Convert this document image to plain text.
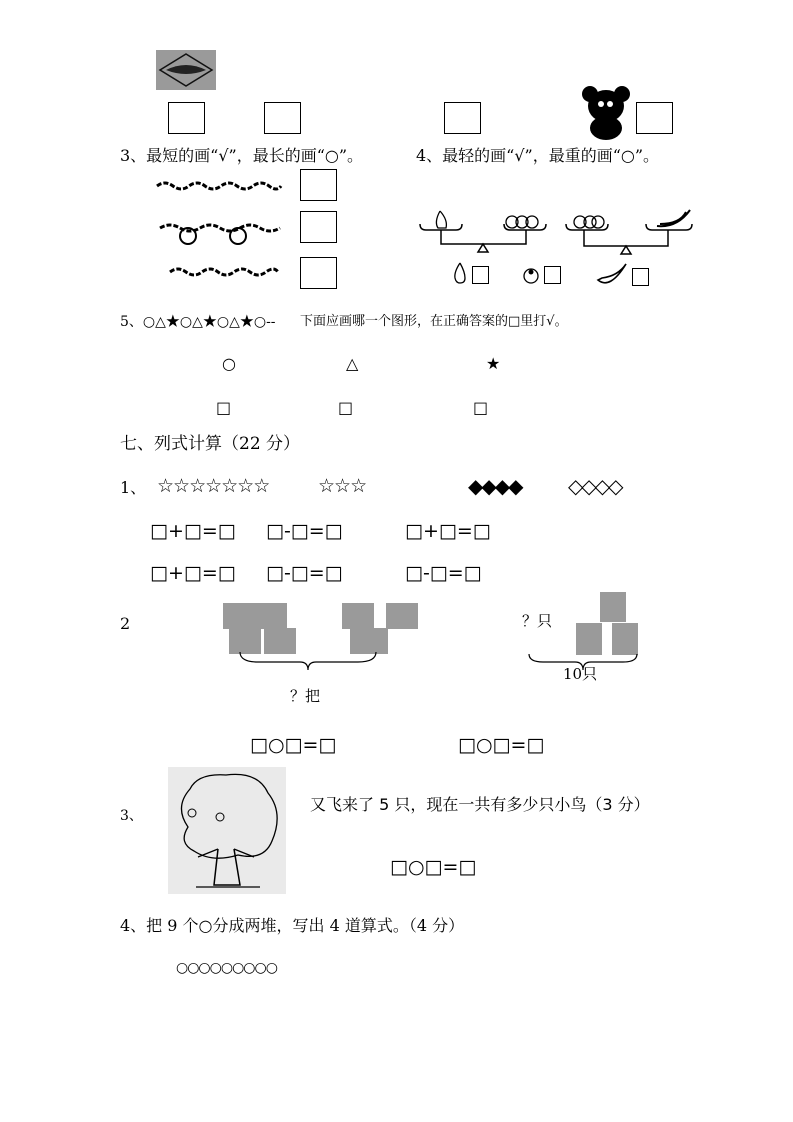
3、最短的画“√”，最长的画“○”。	4、最轻的画“√”，最重的画“○”。
5、○△★○△★○△★○-- 下面应画哪一个图形，在正确答案的□里打√。
○	△	★
□	□	□
七、列式计算（22 分）
1、 ☆☆☆☆☆☆☆	☆☆☆	◆◆◆◆ ◇◇◇◇
□+□=□ □-□=□	□+□=□
□+□=□ □-□=□	□-□=□
2
？把
？只
10只
□○□=□	□○□=□
3、
又飞来了 5 只，现在一共有多少只小鸟（3 分）
□○□=□
4、把 9 个○分成两堆，写出 4 道算式。（4 分）
○○○○○○○○○
